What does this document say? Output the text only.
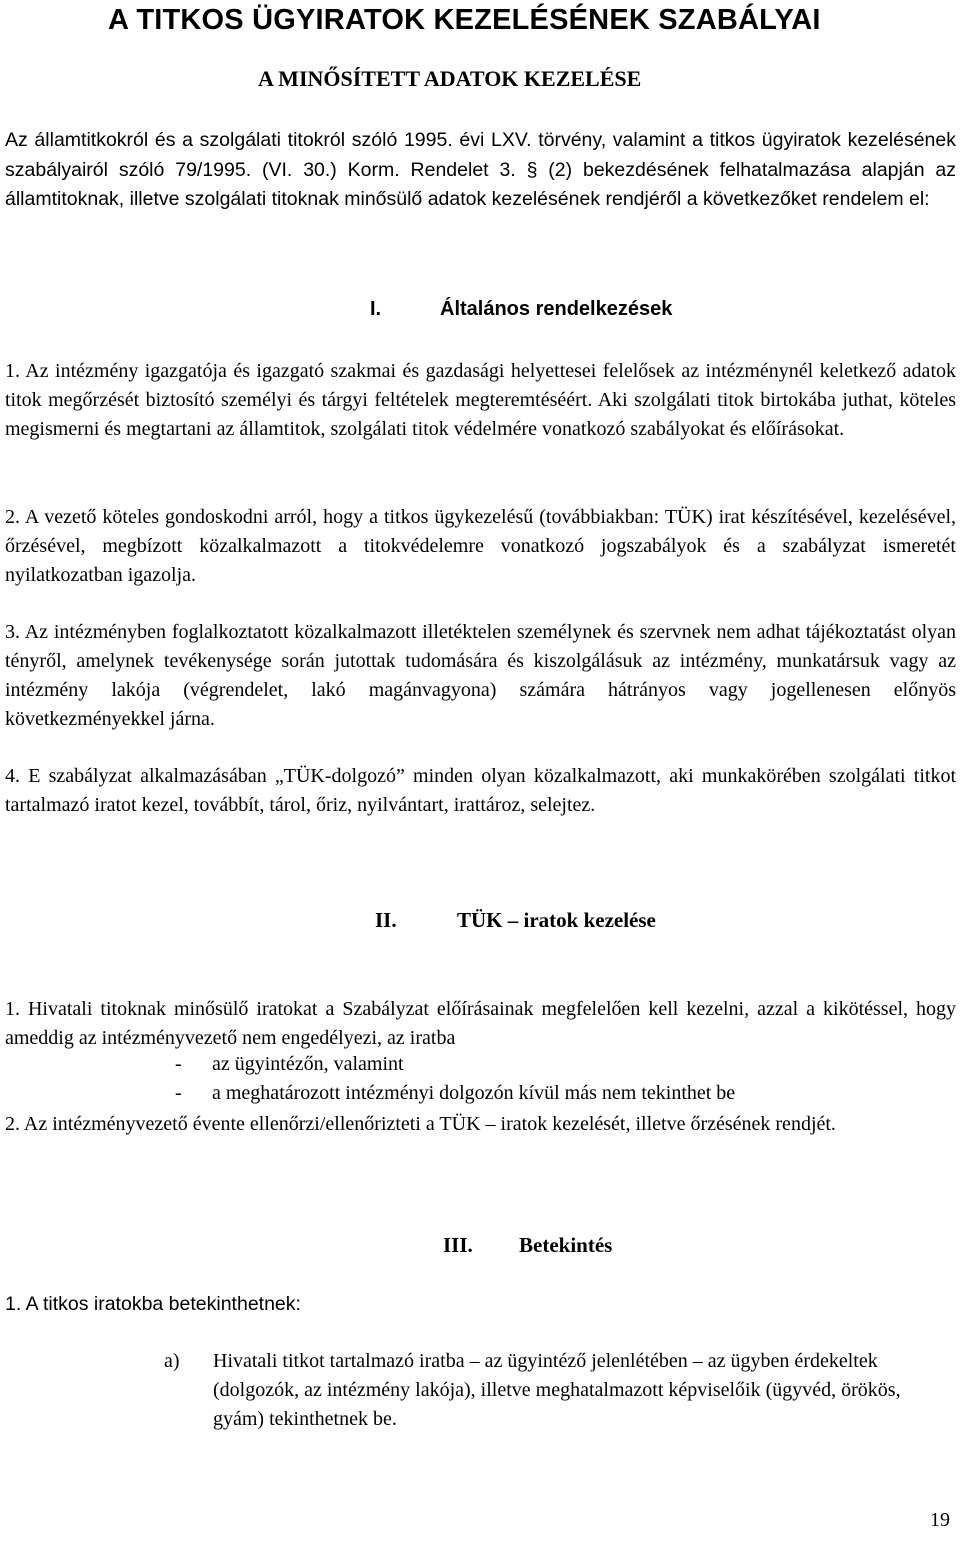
A TITKOS ÜGYIRATOK KEZELÉSÉNEK SZABÁLYAI
A MINŐSÍTETT ADATOK KEZELÉSE

Az államtitkokról és a szolgálati titokról szóló 1995. évi LXV. törvény, valamint a titkos ügyiratok kezelésének szabályairól szóló 79/1995. (VI. 30.) Korm. Rendelet 3. § (2) bekezdésének felhatalmazása alapján az államtitoknak, illetve szolgálati titoknak minősülő adatok kezelésének rendjéről a következőket rendelem el:

I.	Általános rendelkezések

1. Az intézmény igazgatója és igazgató szakmai és gazdasági helyettesei felelősek az intézménynél keletkező adatok titok megőrzését biztosító személyi és tárgyi feltételek megteremtéséért. Aki szolgálati titok birtokába juthat, köteles megismerni és megtartani az államtitok, szolgálati titok védelmére vonatkozó szabályokat és előírásokat.

2. A vezető köteles gondoskodni arról, hogy a titkos ügykezelésű (továbbiakban: TÜK) irat készítésével, kezelésével, őrzésével, megbízott közalkalmazott a titokvédelemre vonatkozó jogszabályok és a szabályzat ismeretét nyilatkozatban igazolja.

3. Az intézményben foglalkoztatott közalkalmazott illetéktelen személynek és szervnek nem adhat tájékoztatást olyan tényről, amelynek tevékenysége során jutottak tudomására és kiszolgálásuk az intézmény, munkatársuk vagy az intézmény lakója (végrendelet, lakó magánvagyona) számára hátrányos vagy jogellenesen előnyös következményekkel járna.

4. E szabályzat alkalmazásában „TÜK-dolgozó” minden olyan közalkalmazott, aki munkakörében szolgálati titkot tartalmazó iratot kezel, továbbít, tárol, őriz, nyilvántart, irattároz, selejtez.

II.	TÜK – iratok kezelése

1. Hivatali titoknak minősülő iratokat a Szabályzat előírásainak megfelelően kell kezelni, azzal a kikötéssel, hogy ameddig az intézményvezető nem engedélyezi, az iratba

- az ügyintézőn, valamint
- a meghatározott intézményi dolgozón kívül más nem tekinthet be

2. Az intézményvezető évente ellenőrzi/ellenőrizteti a TÜK – iratok kezelését, illetve őrzésének rendjét.

III. Betekintés

1. A titkos iratokba betekinthetnek:

a) Hivatali titkot tartalmazó iratba – az ügyintéző jelenlétében – az ügyben érdekeltek (dolgozók, az intézmény lakója), illetve meghatalmazott képviselőik (ügyvéd, örökös, gyám) tekinthetnek be.
19
